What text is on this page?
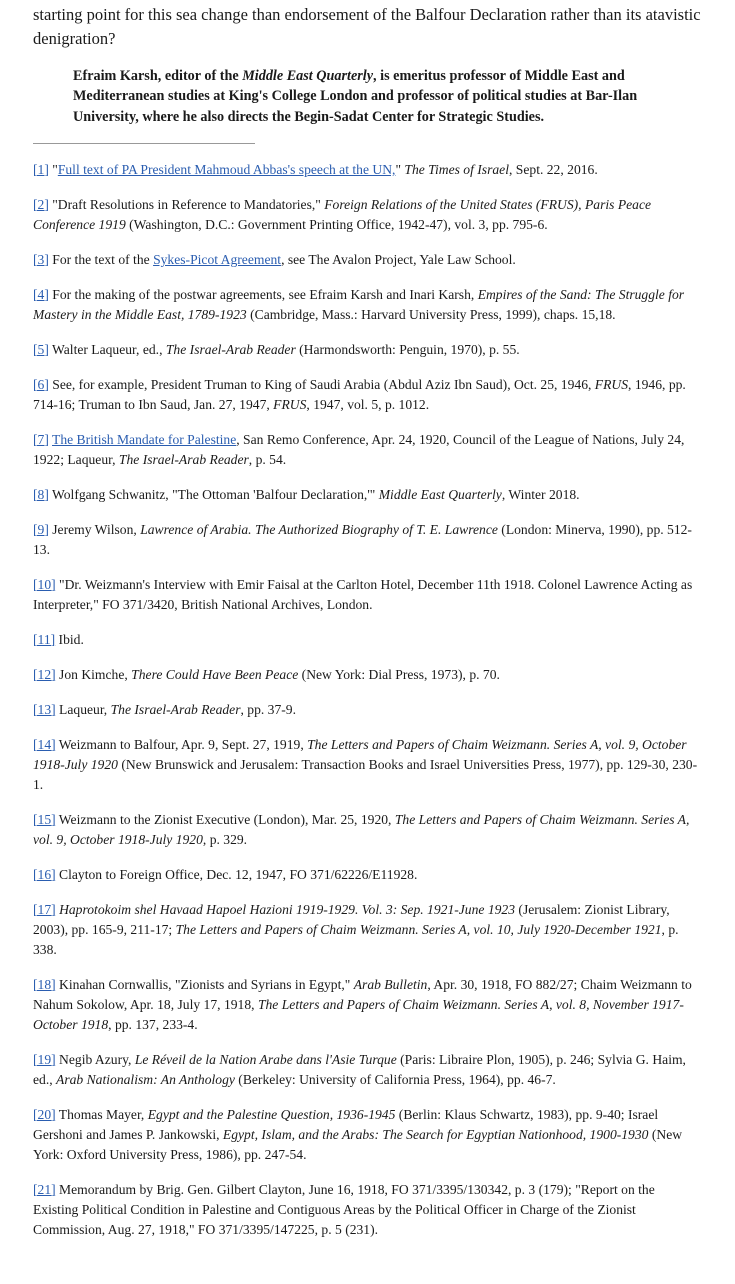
starting point for this sea change than endorsement of the Balfour Declaration rather than its atavistic denigration?

Efraim Karsh, editor of the Middle East Quarterly, is emeritus professor of Middle East and Mediterranean studies at King's College London and professor of political studies at Bar-Ilan University, where he also directs the Begin-Sadat Center for Strategic Studies.
[1] "Full text of PA President Mahmoud Abbas's speech at the UN," The Times of Israel, Sept. 22, 2016.
[2] "Draft Resolutions in Reference to Mandatories," Foreign Relations of the United States (FRUS), Paris Peace Conference 1919 (Washington, D.C.: Government Printing Office, 1942-47), vol. 3, pp. 795-6.
[3] For the text of the Sykes-Picot Agreement, see The Avalon Project, Yale Law School.
[4] For the making of the postwar agreements, see Efraim Karsh and Inari Karsh, Empires of the Sand: The Struggle for Mastery in the Middle East, 1789-1923 (Cambridge, Mass.: Harvard University Press, 1999), chaps. 15,18.
[5] Walter Laqueur, ed., The Israel-Arab Reader (Harmondsworth: Penguin, 1970), p. 55.
[6] See, for example, President Truman to King of Saudi Arabia (Abdul Aziz Ibn Saud), Oct. 25, 1946, FRUS, 1946, pp. 714-16; Truman to Ibn Saud, Jan. 27, 1947, FRUS, 1947, vol. 5, p. 1012.
[7] The British Mandate for Palestine, San Remo Conference, Apr. 24, 1920, Council of the League of Nations, July 24, 1922; Laqueur, The Israel-Arab Reader, p. 54.
[8] Wolfgang Schwanitz, "The Ottoman 'Balfour Declaration,'" Middle East Quarterly, Winter 2018.
[9] Jeremy Wilson, Lawrence of Arabia. The Authorized Biography of T. E. Lawrence (London: Minerva, 1990), pp. 512-13.
[10] "Dr. Weizmann's Interview with Emir Faisal at the Carlton Hotel, December 11th 1918. Colonel Lawrence Acting as Interpreter," FO 371/3420, British National Archives, London.
[11] Ibid.
[12] Jon Kimche, There Could Have Been Peace (New York: Dial Press, 1973), p. 70.
[13] Laqueur, The Israel-Arab Reader, pp. 37-9.
[14] Weizmann to Balfour, Apr. 9, Sept. 27, 1919, The Letters and Papers of Chaim Weizmann. Series A, vol. 9, October 1918-July 1920 (New Brunswick and Jerusalem: Transaction Books and Israel Universities Press, 1977), pp. 129-30, 230-1.
[15] Weizmann to the Zionist Executive (London), Mar. 25, 1920, The Letters and Papers of Chaim Weizmann. Series A, vol. 9, October 1918-July 1920, p. 329.
[16] Clayton to Foreign Office, Dec. 12, 1947, FO 371/62226/E11928.
[17] Haprotokoim shel Havaad Hapoel Hazioni 1919-1929. Vol. 3: Sep. 1921-June 1923 (Jerusalem: Zionist Library, 2003), pp. 165-9, 211-17; The Letters and Papers of Chaim Weizmann. Series A, vol. 10, July 1920-December 1921, p. 338.
[18] Kinahan Cornwallis, "Zionists and Syrians in Egypt," Arab Bulletin, Apr. 30, 1918, FO 882/27; Chaim Weizmann to Nahum Sokolow, Apr. 18, July 17, 1918, The Letters and Papers of Chaim Weizmann. Series A, vol. 8, November 1917-October 1918, pp. 137, 233-4.
[19] Negib Azury, Le Réveil de la Nation Arabe dans l'Asie Turque (Paris: Libraire Plon, 1905), p. 246; Sylvia G. Haim, ed., Arab Nationalism: An Anthology (Berkeley: University of California Press, 1964), pp. 46-7.
[20] Thomas Mayer, Egypt and the Palestine Question, 1936-1945 (Berlin: Klaus Schwartz, 1983), pp. 9-40; Israel Gershoni and James P. Jankowski, Egypt, Islam, and the Arabs: The Search for Egyptian Nationhood, 1900-1930 (New York: Oxford University Press, 1986), pp. 247-54.
[21] Memorandum by Brig. Gen. Gilbert Clayton, June 16, 1918, FO 371/3395/130342, p. 3 (179); "Report on the Existing Political Condition in Palestine and Contiguous Areas by the Political Officer in Charge of the Zionist Commission, Aug. 27, 1918," FO 371/3395/147225, p. 5 (231).
